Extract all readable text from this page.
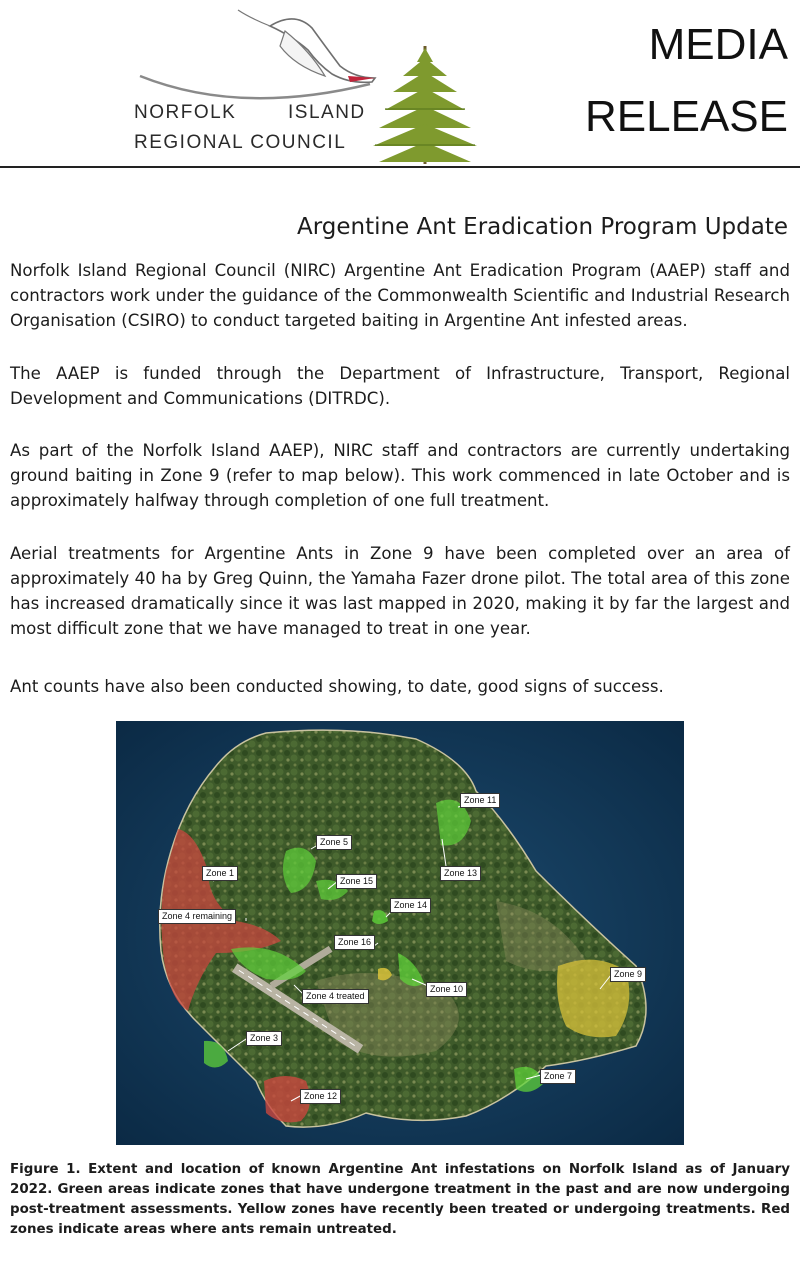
NORFOLK	ISLAND
REGIONAL COUNCIL
MEDIA
RELEASE
Argentine Ant Eradication Program Update

Norfolk Island Regional Council (NIRC) Argentine Ant Eradication Program (AAEP) staff and contractors work under the guidance of the Commonwealth Scientific and Industrial Research Organisation (CSIRO) to conduct targeted baiting in Argentine Ant infested areas.

The AAEP is funded through the Department of Infrastructure, Transport, Regional Development and Communications (DITRDC).

As part of the Norfolk Island AAEP), NIRC staff and contractors are currently undertaking ground baiting in Zone 9 (refer to map below). This work commenced in late October and is approximately halfway through completion of one full treatment.

Aerial treatments for Argentine Ants in Zone 9 have been completed over an area of approximately 40 ha by Greg Quinn, the Yamaha Fazer drone pilot. The total area of this zone has increased dramatically since it was last mapped in 2020, making it by far the largest and most difficult zone that we have managed to treat in one year.

Ant counts have also been conducted showing, to date, good signs of success.

Zone 11
Zone 5
Zone 13
Zone 1
Zone 15
Zone 14
Zone 4 remaining
Zone 16
Zone 9
Zone 10
Zone 4 treated
Zone 3
Zone 7
Zone 12

Figure 1. Extent and location of known Argentine Ant infestations on Norfolk Island as of January 2022. Green areas indicate zones that have undergone treatment in the past and are now undergoing post-treatment assessments. Yellow zones have recently been treated or undergoing treatments. Red zones indicate areas where ants remain untreated.
